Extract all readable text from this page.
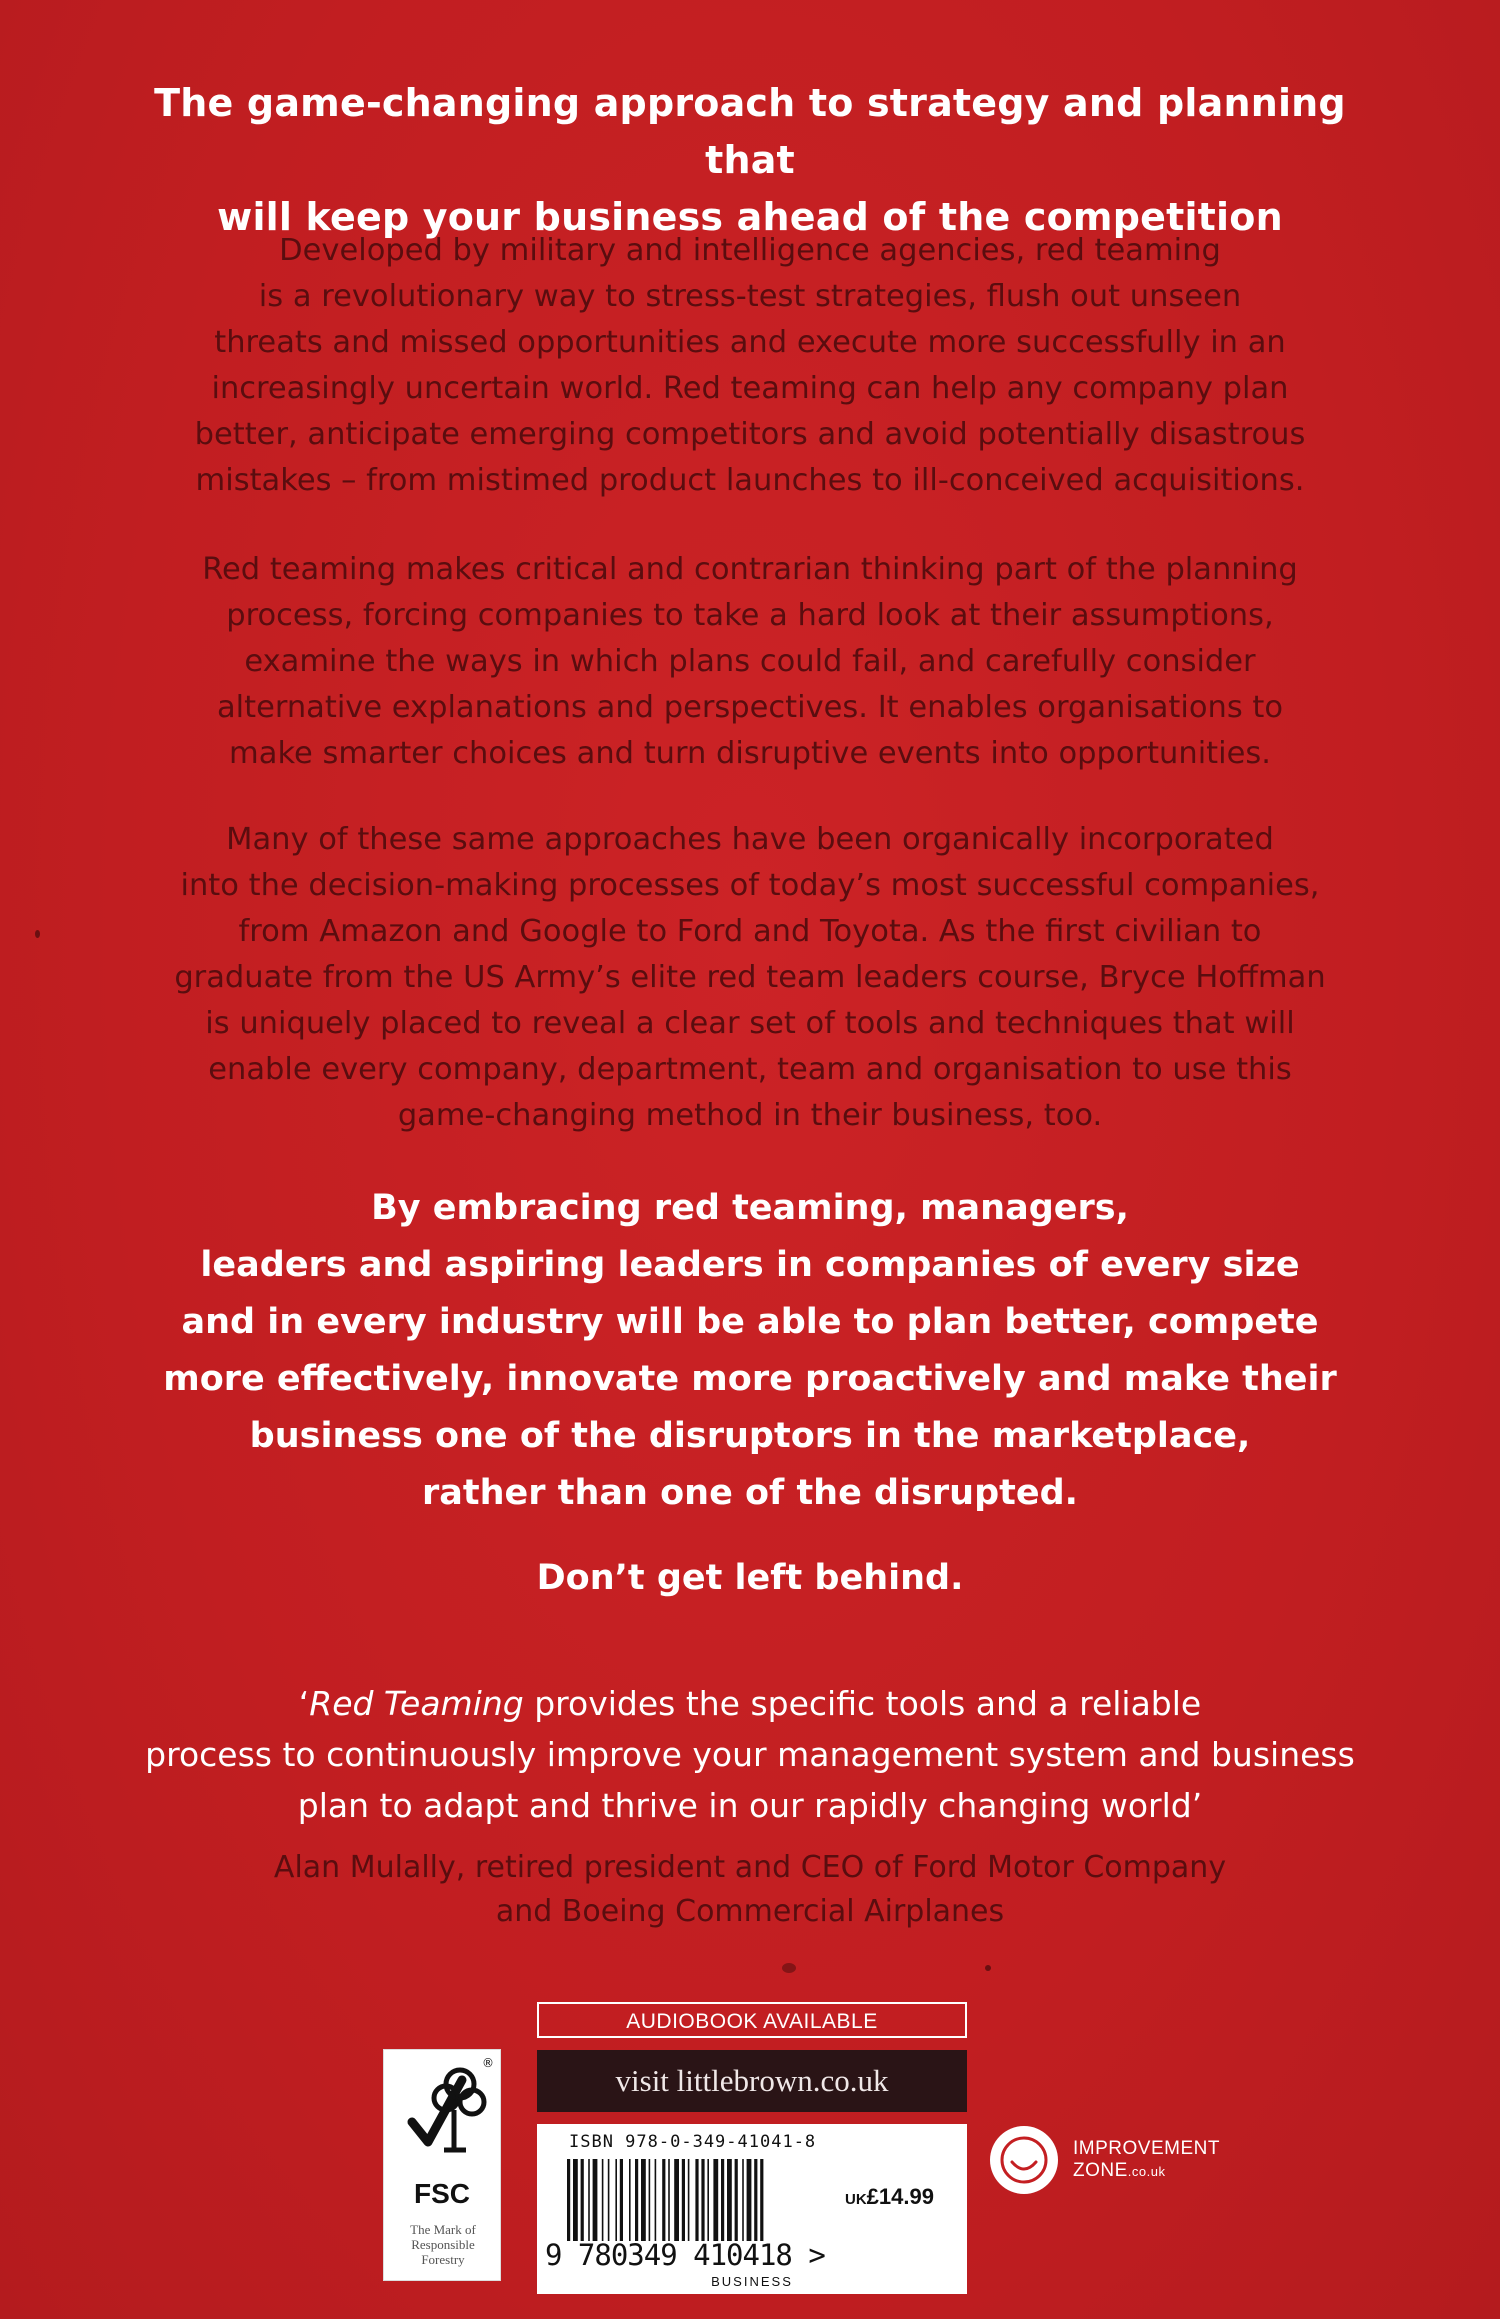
The game-changing approach to strategy and planning that
will keep your business ahead of the competition
Developed by military and intelligence agencies, red teaming
is a revolutionary way to stress-test strategies, flush out unseen
threats and missed opportunities and execute more successfully in an
increasingly uncertain world. Red teaming can help any company plan
better, anticipate emerging competitors and avoid potentially disastrous
mistakes – from mistimed product launches to ill-conceived acquisitions.
Red teaming makes critical and contrarian thinking part of the planning
process, forcing companies to take a hard look at their assumptions,
examine the ways in which plans could fail, and carefully consider
alternative explanations and perspectives. It enables organisations to
make smarter choices and turn disruptive events into opportunities.
Many of these same approaches have been organically incorporated
into the decision-making processes of today’s most successful companies,
from Amazon and Google to Ford and Toyota. As the first civilian to
graduate from the US Army’s elite red team leaders course, Bryce Hoffman
is uniquely placed to reveal a clear set of tools and techniques that will
enable every company, department, team and organisation to use this
game-changing method in their business, too.
By embracing red teaming, managers,
leaders and aspiring leaders in companies of every size
and in every industry will be able to plan better, compete
more effectively, innovate more proactively and make their
business one of the disruptors in the marketplace,
rather than one of the disrupted.
Don’t get left behind.
‘Red Teaming provides the specific tools and a reliable
process to continuously improve your management system and business
plan to adapt and thrive in our rapidly changing world’
Alan Mulally, retired president and CEO of Ford Motor Company
and Boeing Commercial Airplanes
AUDIOBOOK AVAILABLE
visit littlebrown.co.uk
®
FSC
The Mark of Responsible Forestry
ISBN 978-0-349-41041-8
UK£14.99
9 780349 410418 >
BUSINESS
IMPROVEMENT
ZONE.co.uk
